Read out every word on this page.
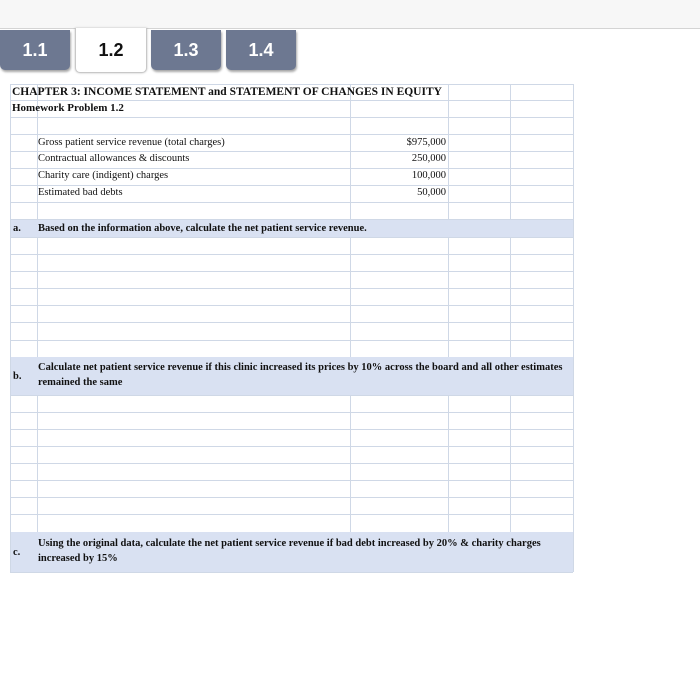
1.1	1.2	1.3	1.4
CHAPTER 3: INCOME STATEMENT and STATEMENT OF CHANGES IN EQUITY
Homework Problem 1.2
Gross patient service revenue (total charges)	$975,000
Contractual allowances & discounts	250,000
Charity care (indigent) charges	100,000
Estimated bad debts	50,000
a. Based on the information above, calculate the net patient service revenue.
b.
Calculate net patient service revenue if this clinic increased its prices by 10% across the board and all other estimates remained the same
c.
Using the original data, calculate the net patient service revenue if bad debt increased by 20% & charity charges increased by 15%
